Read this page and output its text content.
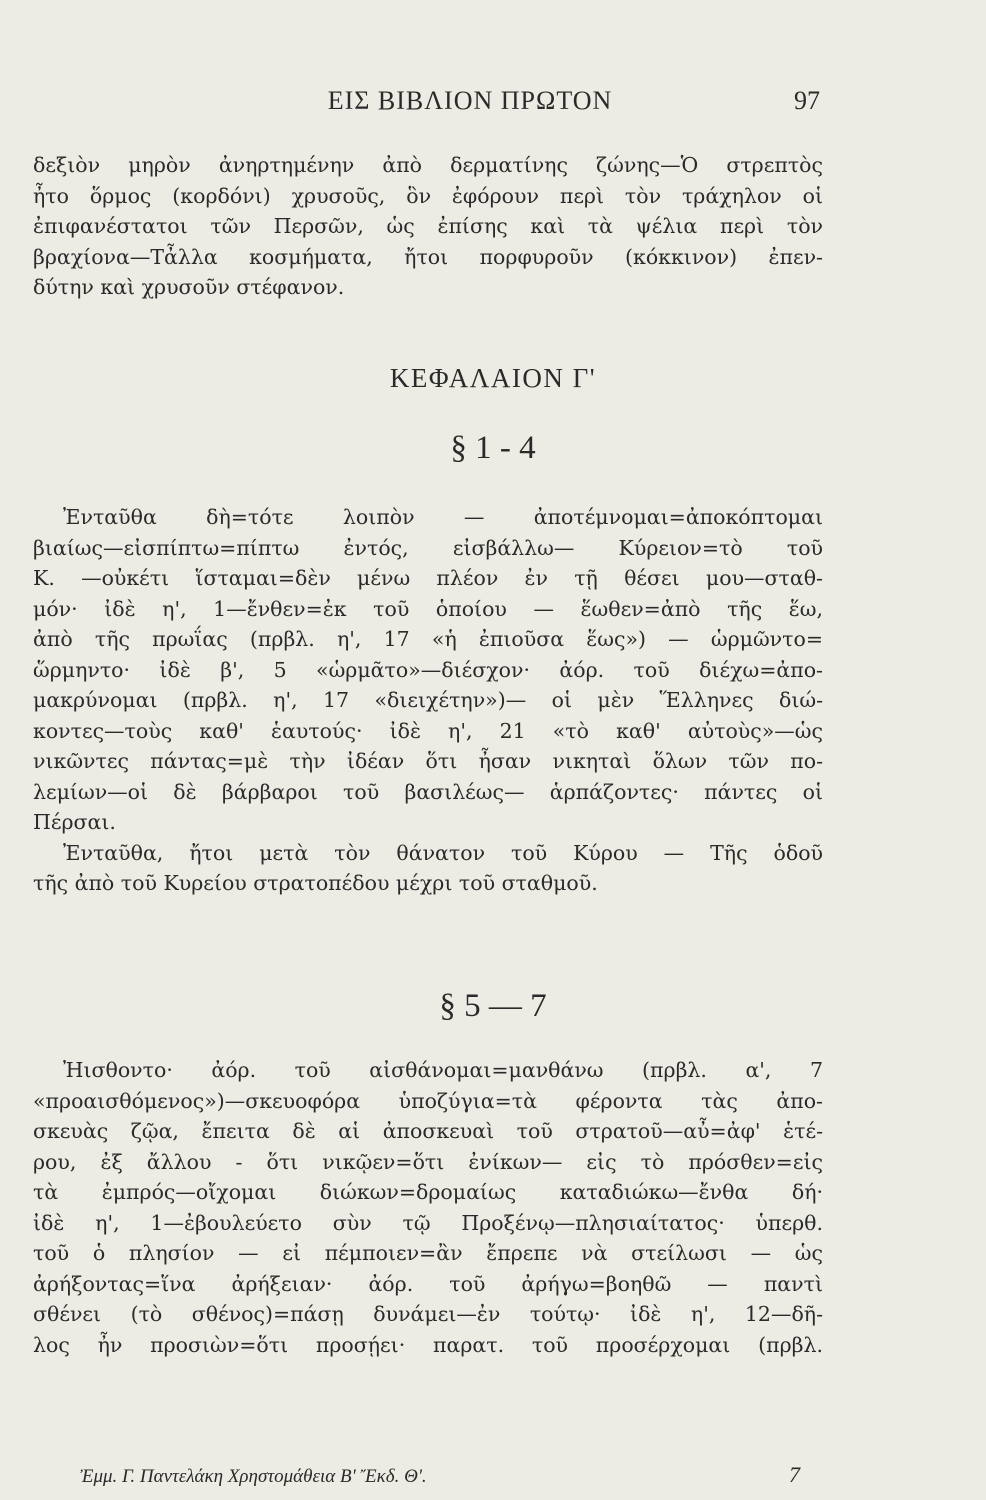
ΕΙΣ ΒΙΒΛΙΟΝ ΠΡΩΤΟΝ	97
δεξιὸν μηρὸν ἀνηρτημένην ἀπὸ δερματίνης ζώνης—Ὁ στρεπτὸς
ἦτο ὅρμος (κορδόνι) χρυσοῦς, ὃν ἐφόρουν περὶ τὸν τράχηλον οἱ
ἐπιφανέστατοι τῶν Περσῶν, ὡς ἐπίσης καὶ τὰ ψέλια περὶ τὸν
βραχίονα—Τἆλλα κοσμήματα, ἤτοι πορφυροῦν (κόκκινον) ἐπεν-
δύτην καὶ χρυσοῦν στέφανον.
ΚΕΦΑΛΑΙΟΝ Γ'
§ 1 - 4
Ἐνταῦθα δὴ=τότε λοιπὸν — ἀποτέμνομαι=ἀποκόπτομαι
βιαίως—εἰσπίπτω=πίπτω ἐντός, εἰσβάλλω— Κύρειον=τὸ τοῦ
Κ. —οὐκέτι ἵσταμαι=δὲν μένω πλέον ἐν τῇ θέσει μου—σταθ-
μόν· ἰδὲ η', 1—ἔνθεν=ἐκ τοῦ ὁποίου — ἕωθεν=ἀπὸ τῆς ἕω,
ἀπὸ τῆς πρωΐας (πρβλ. η', 17 «ἡ ἐπιοῦσα ἕως») — ὡρμῶντο=
ὥρμηντο· ἰδὲ β', 5 «ὡρμᾶτο»—διέσχον· ἀόρ. τοῦ διέχω=ἀπο-
μακρύνομαι (πρβλ. η', 17 «διειχέτην»)— οἱ μὲν Ἕλληνες διώ-
κοντες—τοὺς καθ' ἑαυτούς· ἰδὲ η', 21 «τὸ καθ' αὐτοὺς»—ὡς
νικῶντες πάντας=μὲ τὴν ἰδέαν ὅτι ἦσαν νικηταὶ ὅλων τῶν πο-
λεμίων—οἱ δὲ βάρβαροι τοῦ βασιλέως— ἁρπάζοντες· πάντες οἱ
Πέρσαι.
Ἐνταῦθα, ἤτοι μετὰ τὸν θάνατον τοῦ Κύρου — Τῆς ὁδοῦ
τῆς ἀπὸ τοῦ Κυρείου στρατοπέδου μέχρι τοῦ σταθμοῦ.
§ 5 — 7
Ἠισθοντο· ἀόρ. τοῦ αἰσθάνομαι=μανθάνω (πρβλ. α', 7
«προαισθόμενος»)—σκευοφόρα ὑποζύγια=τὰ φέροντα τὰς ἀπο-
σκευὰς ζῷα, ἔπειτα δὲ αἱ ἀποσκευαὶ τοῦ στρατοῦ—αὖ=ἀφ' ἑτέ-
ρου, ἐξ ἄλλου - ὅτι νικῷεν=ὅτι ἐνίκων— εἰς τὸ πρόσθεν=εἰς
τὰ ἐμπρός—οἴχομαι διώκων=δρομαίως καταδιώκω—ἔνθα δή·
ἰδὲ η', 1—ἐβουλεύετο σὺν τῷ Προξένῳ—πλησιαίτατος· ὑπερθ.
τοῦ ὁ πλησίον — εἰ πέμποιεν=ἂν ἔπρεπε νὰ στείλωσι — ὡς
ἀρήξοντας=ἵνα ἀρήξειαν· ἀόρ. τοῦ ἀρήγω=βοηθῶ — παντὶ
σθένει (τὸ σθένος)=πάσῃ δυνάμει—ἐν τούτῳ· ἰδὲ η', 12—δῆ-
λος ἦν προσιὼν=ὅτι προσῄει· παρατ. τοῦ προσέρχομαι (πρβλ.
Ἐμμ. Γ. Παντελάκη Χρηστομάθεια Β' Ἔκδ. Θ'.	7
